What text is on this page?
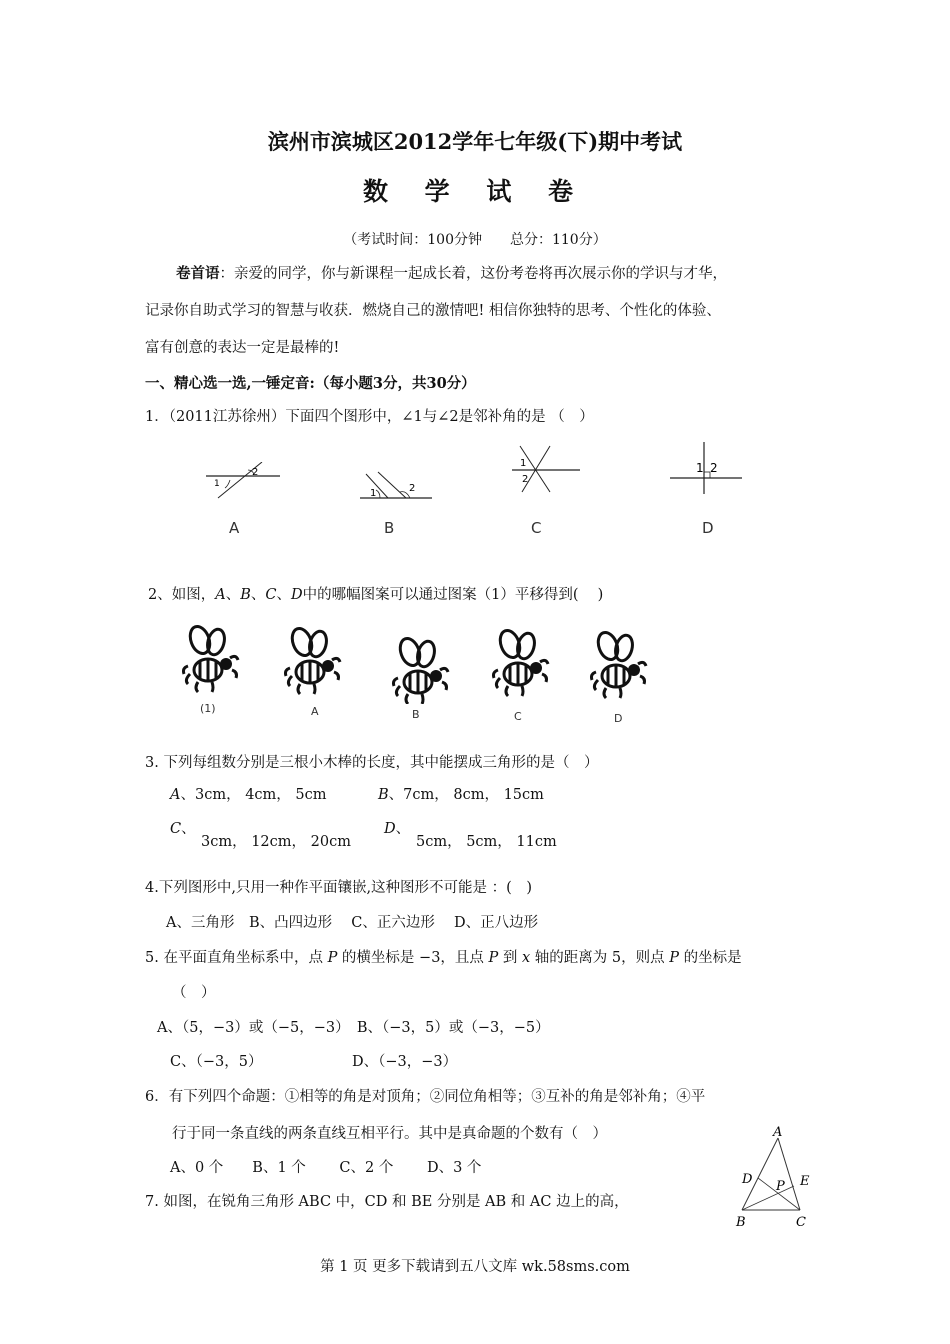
滨州市滨城区2012学年七年级(下)期中考试
数 学 试 卷
（考试时间：100分钟　　总分：110分）
卷首语：亲爱的同学，你与新课程一起成长着，这份考卷将再次展示你的学识与才华，
记录你自助式学习的智慧与收获．燃烧自己的激情吧! 相信你独特的思考、个性化的体验、
富有创意的表达一定是最棒的!
一、精心选一选,一锤定音:（每小题3分，共30分）
1．（2011江苏徐州）下面四个图形中，∠1与∠2是邻补角的是 （　）
1
2
A
1	2
B
1
2
C
1 2
D
2、如图，A、B、C、D中的哪幅图案可以通过图案（1）平移得到(　 )
(1)	A	B	C	D
3. 下列每组数分别是三根小木棒的长度，其中能摆成三角形的是（　）
A、3cm， 4cm， 5cm	B、7cm， 8cm， 15cm
C、
3cm， 12cm， 20cm
D、
5cm， 5cm， 11cm
4.下列图形中,只用一种作平面镶嵌,这种图形不可能是 ：(　)
A、三角形　B、凸四边形　 C、正六边形　 D、正八边形
5. 在平面直角坐标系中，点 P 的横坐标是 −3，且点 P 到 x 轴的距离为 5，则点 P 的坐标是
（　）
A、（5，−3）或（−5，−3）　B、（−3，5）或（−3，−5）
C、（−3，5）	D、（−3，−3）
6．有下列四个命题：①相等的角是对顶角；②同位角相等；③互补的角是邻补角；④平
行于同一条直线的两条直线互相平行。其中是真命题的个数有（　）
A、0 个　　B、1 个　　 C、2 个　　 D、3 个
7. 如图，在锐角三角形 ABC 中，CD 和 BE 分别是 AB 和 AC 边上的高，
A
D P E
B	C
第 1 页 更多下载请到五八文库 wk.58sms.com
